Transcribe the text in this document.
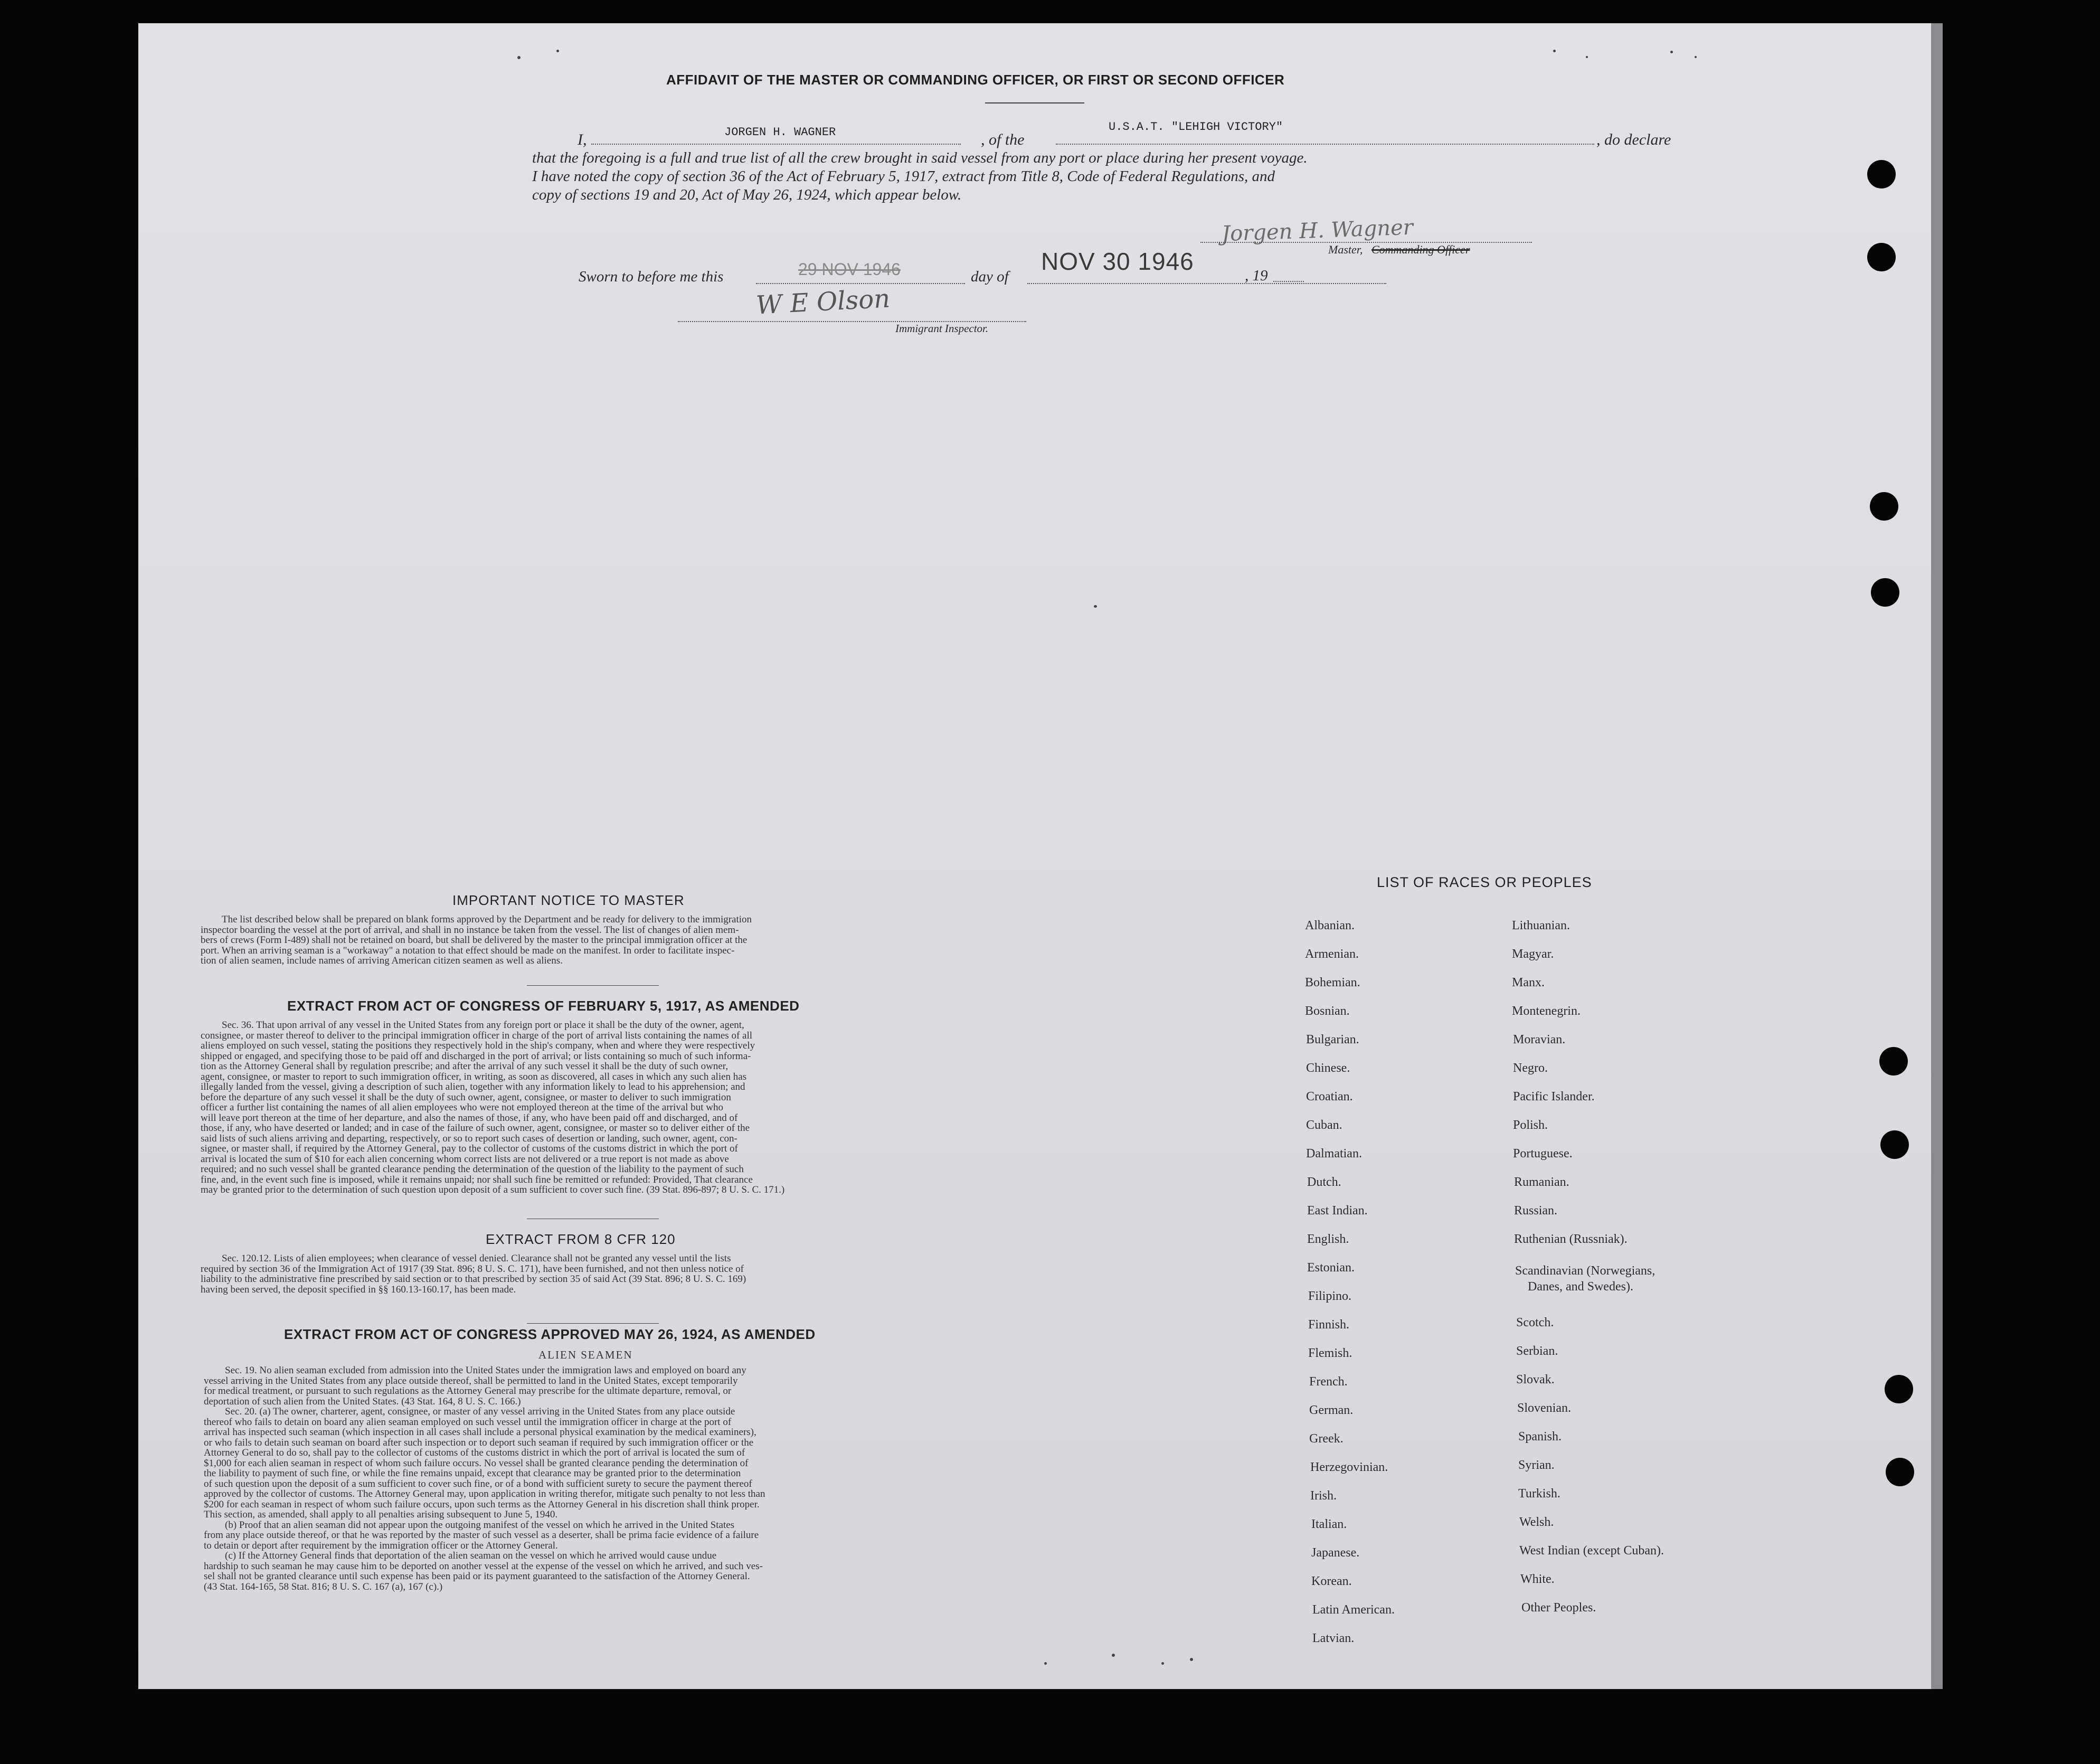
AFFIDAVIT OF THE MASTER OR COMMANDING OFFICER, OR FIRST OR SECOND OFFICER
I,	JORGEN H. WAGNER	, of the
U.S.A.T. "LEHIGH VICTORY"
, do declare
that the foregoing is a full and true list of all the crew brought in said vessel from any port or place during her present voyage.
I have noted the copy of section 36 of the Act of February 5, 1917, extract from Title 8, Code of Federal Regulations, and
copy of sections 19 and 20, Act of May 26, 1924, which appear below.
Jorgen H. Wagner
Master, Commanding Officer
Sworn to before me this	29 NOV 1946	day of
NOV 30 1946
, 19
W E Olson
Immigrant Inspector.
IMPORTANT NOTICE TO MASTER
The list described below shall be prepared on blank forms approved by the Department and be ready for delivery to the immigration
inspector boarding the vessel at the port of arrival, and shall in no instance be taken from the vessel. The list of changes of alien mem-
bers of crews (Form I-489) shall not be retained on board, but shall be delivered by the master to the principal immigration officer at the
port. When an arriving seaman is a "workaway" a notation to that effect should be made on the manifest. In order to facilitate inspec-
tion of alien seamen, include names of arriving American citizen seamen as well as aliens.
EXTRACT FROM ACT OF CONGRESS OF FEBRUARY 5, 1917, AS AMENDED
Sec. 36. That upon arrival of any vessel in the United States from any foreign port or place it shall be the duty of the owner, agent,
consignee, or master thereof to deliver to the principal immigration officer in charge of the port of arrival lists containing the names of all
aliens employed on such vessel, stating the positions they respectively hold in the ship's company, when and where they were respectively
shipped or engaged, and specifying those to be paid off and discharged in the port of arrival; or lists containing so much of such informa-
tion as the Attorney General shall by regulation prescribe; and after the arrival of any such vessel it shall be the duty of such owner,
agent, consignee, or master to report to such immigration officer, in writing, as soon as discovered, all cases in which any such alien has
illegally landed from the vessel, giving a description of such alien, together with any information likely to lead to his apprehension; and
before the departure of any such vessel it shall be the duty of such owner, agent, consignee, or master to deliver to such immigration
officer a further list containing the names of all alien employees who were not employed thereon at the time of the arrival but who
will leave port thereon at the time of her departure, and also the names of those, if any, who have been paid off and discharged, and of
those, if any, who have deserted or landed; and in case of the failure of such owner, agent, consignee, or master so to deliver either of the
said lists of such aliens arriving and departing, respectively, or so to report such cases of desertion or landing, such owner, agent, con-
signee, or master shall, if required by the Attorney General, pay to the collector of customs of the customs district in which the port of
arrival is located the sum of $10 for each alien concerning whom correct lists are not delivered or a true report is not made as above
required; and no such vessel shall be granted clearance pending the determination of the question of the liability to the payment of such
fine, and, in the event such fine is imposed, while it remains unpaid; nor shall such fine be remitted or refunded: Provided, That clearance
may be granted prior to the determination of such question upon deposit of a sum sufficient to cover such fine. (39 Stat. 896-897; 8 U. S. C. 171.)
EXTRACT FROM 8 CFR 120
Sec. 120.12. Lists of alien employees; when clearance of vessel denied. Clearance shall not be granted any vessel until the lists
required by section 36 of the Immigration Act of 1917 (39 Stat. 896; 8 U. S. C. 171), have been furnished, and not then unless notice of
liability to the administrative fine prescribed by said section or to that prescribed by section 35 of said Act (39 Stat. 896; 8 U. S. C. 169)
having been served, the deposit specified in §§ 160.13-160.17, has been made.
EXTRACT FROM ACT OF CONGRESS APPROVED MAY 26, 1924, AS AMENDED
ALIEN SEAMEN
Sec. 19. No alien seaman excluded from admission into the United States under the immigration laws and employed on board any
vessel arriving in the United States from any place outside thereof, shall be permitted to land in the United States, except temporarily
for medical treatment, or pursuant to such regulations as the Attorney General may prescribe for the ultimate departure, removal, or
deportation of such alien from the United States. (43 Stat. 164, 8 U. S. C. 166.)
Sec. 20. (a) The owner, charterer, agent, consignee, or master of any vessel arriving in the United States from any place outside
thereof who fails to detain on board any alien seaman employed on such vessel until the immigration officer in charge at the port of
arrival has inspected such seaman (which inspection in all cases shall include a personal physical examination by the medical examiners),
or who fails to detain such seaman on board after such inspection or to deport such seaman if required by such immigration officer or the
Attorney General to do so, shall pay to the collector of customs of the customs district in which the port of arrival is located the sum of
$1,000 for each alien seaman in respect of whom such failure occurs. No vessel shall be granted clearance pending the determination of
the liability to payment of such fine, or while the fine remains unpaid, except that clearance may be granted prior to the determination
of such question upon the deposit of a sum sufficient to cover such fine, or of a bond with sufficient surety to secure the payment thereof
approved by the collector of customs. The Attorney General may, upon application in writing therefor, mitigate such penalty to not less than
$200 for each seaman in respect of whom such failure occurs, upon such terms as the Attorney General in his discretion shall think proper.
This section, as amended, shall apply to all penalties arising subsequent to June 5, 1940.
(b) Proof that an alien seaman did not appear upon the outgoing manifest of the vessel on which he arrived in the United States
from any place outside thereof, or that he was reported by the master of such vessel as a deserter, shall be prima facie evidence of a failure
to detain or deport after requirement by the immigration officer or the Attorney General.
(c) If the Attorney General finds that deportation of the alien seaman on the vessel on which he arrived would cause undue
hardship to such seaman he may cause him to be deported on another vessel at the expense of the vessel on which he arrived, and such ves-
sel shall not be granted clearance until such expense has been paid or its payment guaranteed to the satisfaction of the Attorney General.
(43 Stat. 164-165, 58 Stat. 816; 8 U. S. C. 167 (a), 167 (c).)
LIST OF RACES OR PEOPLES
Albanian.
Armenian.
Bohemian.
Bosnian.
Bulgarian.
Chinese.
Croatian.
Cuban.
Dalmatian.
Dutch.
East Indian.
English.
Estonian.
Filipino.
Finnish.
Flemish.
French.
German.
Greek.
Herzegovinian.
Irish.
Italian.
Japanese.
Korean.
Latin American.
Latvian.
Lithuanian.
Magyar.
Manx.
Montenegrin.
Moravian.
Negro.
Pacific Islander.
Polish.
Portuguese.
Rumanian.
Russian.
Ruthenian (Russniak).
Scandinavian (Norwegians,
Danes, and Swedes).
Scotch.
Serbian.
Slovak.
Slovenian.
Spanish.
Syrian.
Turkish.
Welsh.
West Indian (except Cuban).
White.
Other Peoples.
